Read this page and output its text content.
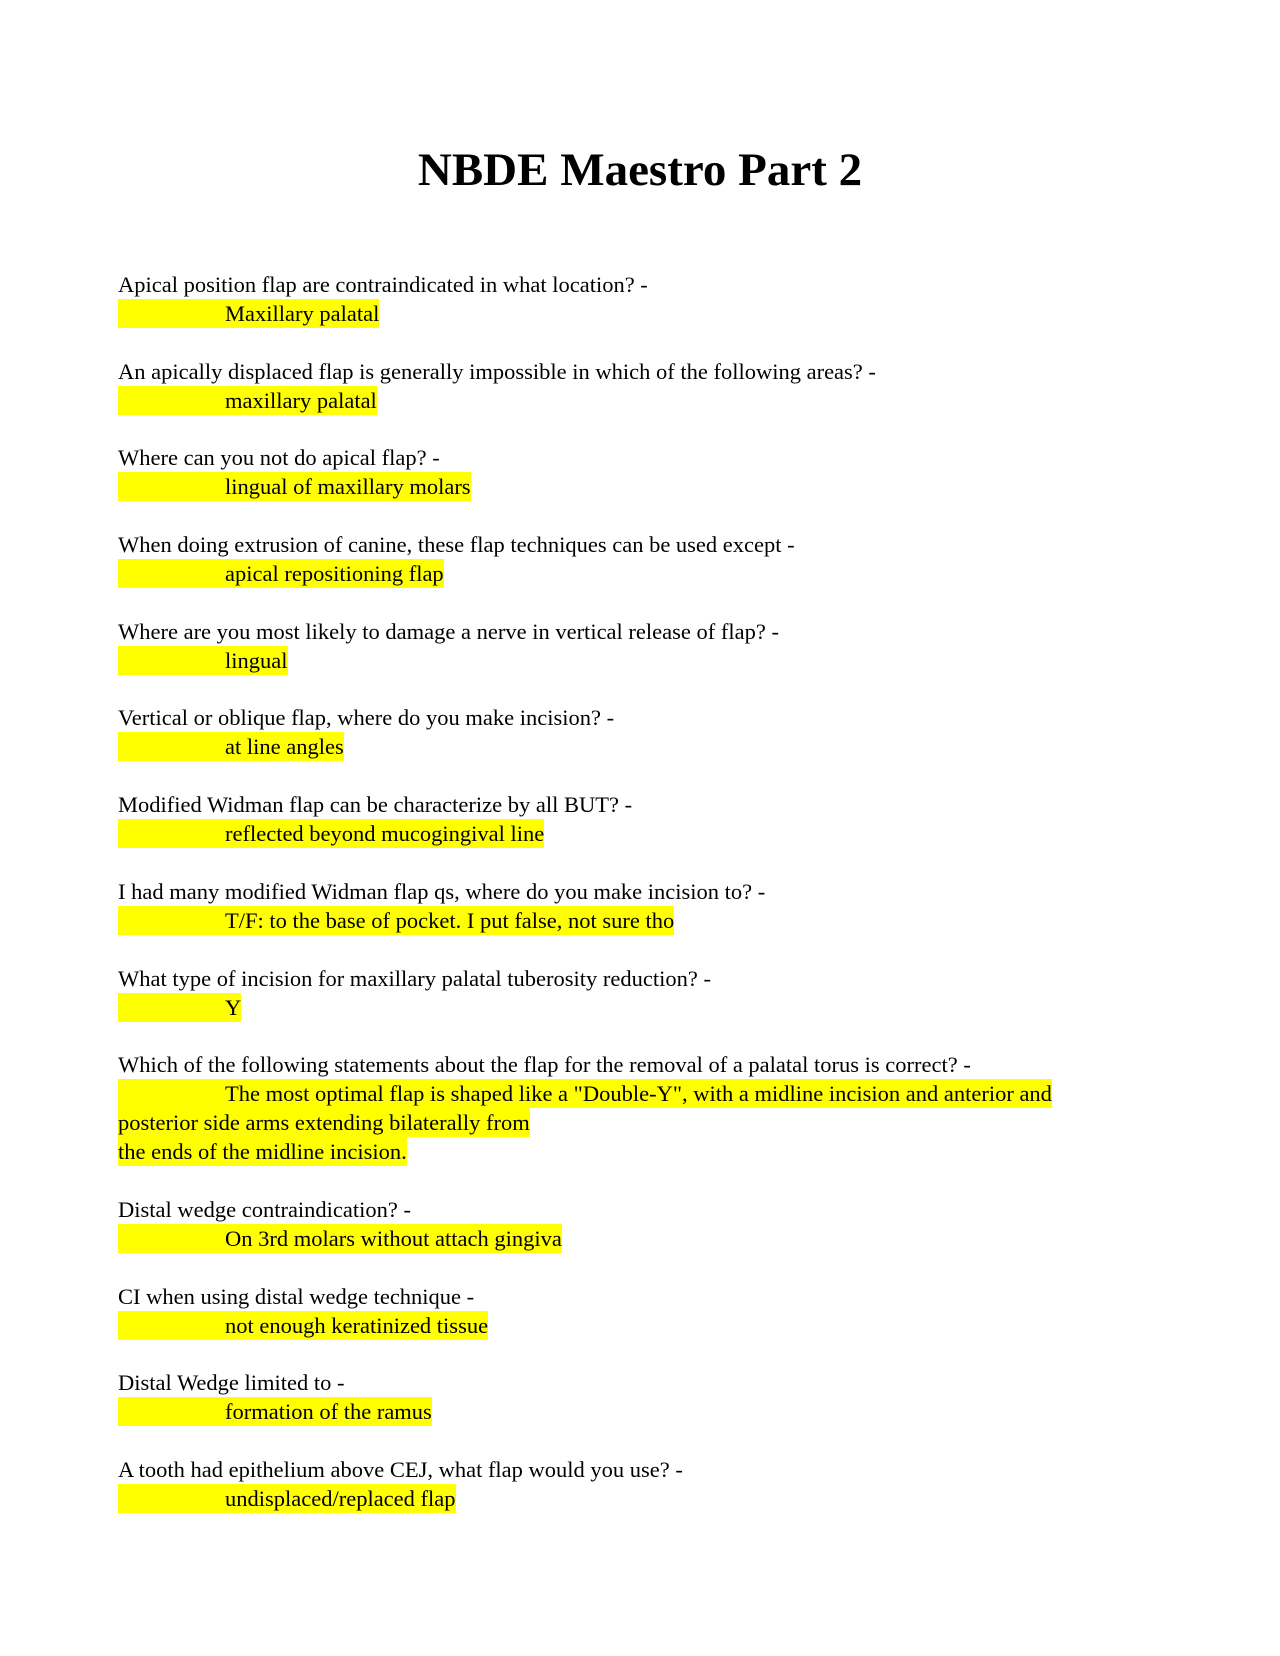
NBDE Maestro Part 2
Apical position flap are contraindicated in what location? -
Maxillary palatal
An apically displaced flap is generally impossible in which of the following areas? -
maxillary palatal
Where can you not do apical flap? -
lingual of maxillary molars
When doing extrusion of canine, these flap techniques can be used except -
apical repositioning flap
Where are you most likely to damage a nerve in vertical release of flap? -
lingual
Vertical or oblique flap, where do you make incision? -
at line angles
Modified Widman flap can be characterize by all BUT? -
reflected beyond mucogingival line
I had many modified Widman flap qs, where do you make incision to? -
T/F: to the base of pocket. I put false, not sure tho
What type of incision for maxillary palatal tuberosity reduction? -
Y
Which of the following statements about the flap for the removal of a palatal torus is correct? -
The most optimal flap is shaped like a "Double-Y", with a midline incision and anterior and
posterior side arms extending bilaterally from
the ends of the midline incision.
Distal wedge contraindication? -
On 3rd molars without attach gingiva
CI when using distal wedge technique -
not enough keratinized tissue
Distal Wedge limited to -
formation of the ramus
A tooth had epithelium above CEJ, what flap would you use? -
undisplaced/replaced flap
